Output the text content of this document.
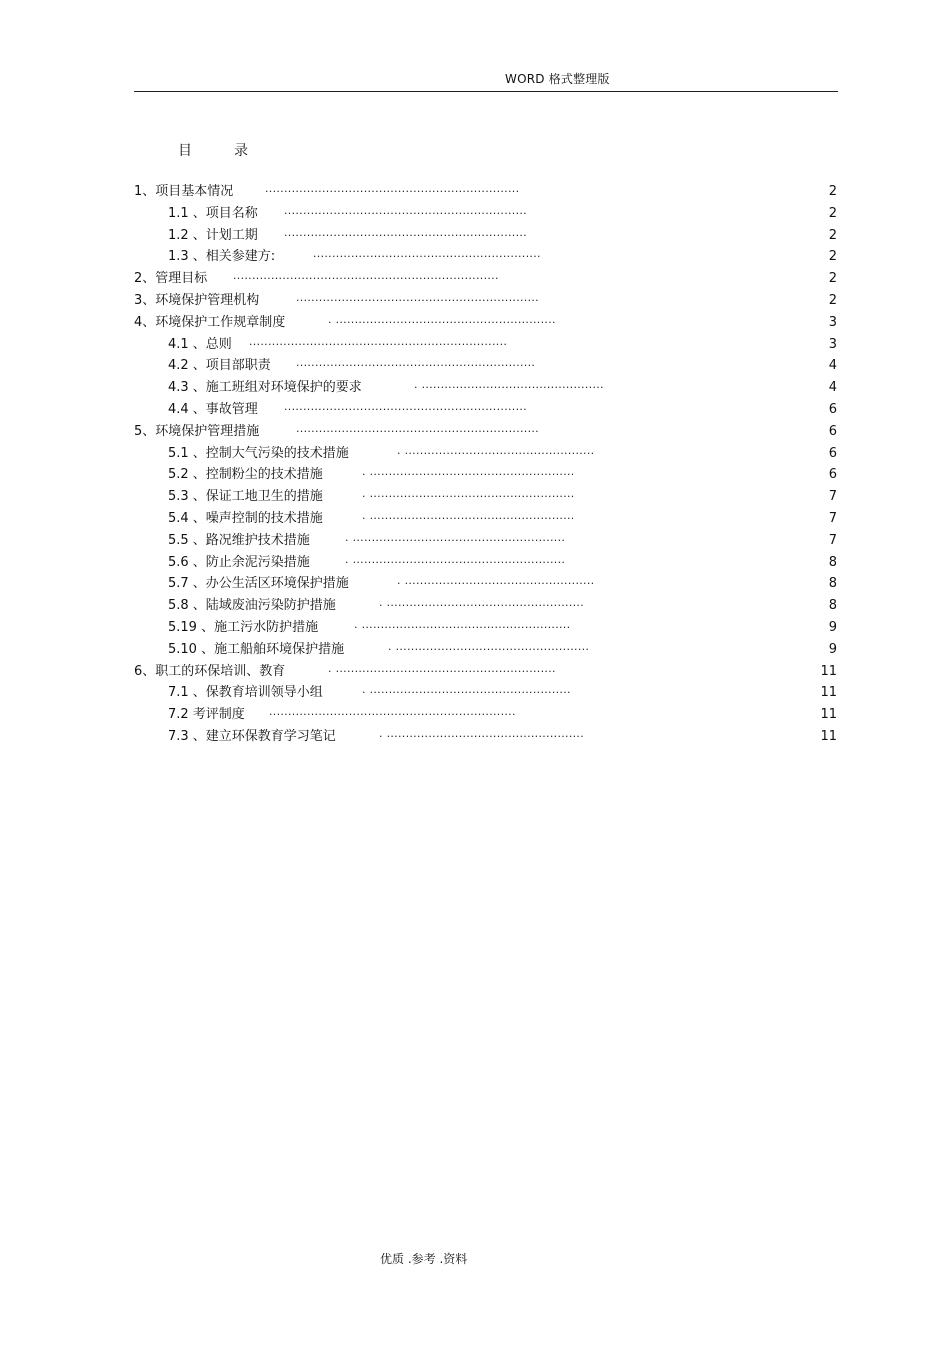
WORD 格式整理版
目	录
1、项目基本情况	...................................................................	2
1.1 、项目名称 ................................................................	2
1.2 、计划工期 ................................................................	2
1.3 、相关参建方:	............................................................	2
2、管理目标 ......................................................................	2
3、环境保护管理机构	................................................................	2
4、环境保护工作规章制度	. ..........................................................	3
4.1 、总则 ....................................................................	3
4.2 、项目部职责 ...............................................................	4
4.3 、施工班组对环境保护的要求	. ................................................	4
4.4 、事故管理 ................................................................	6
5、环境保护管理措施	................................................................	6
5.1 、控制大气污染的技术措施	. ..................................................	6
5.2 、控制粉尘的技术措施	. ......................................................	6
5.3 、保证工地卫生的措施	. ......................................................	7
5.4 、噪声控制的技术措施	. ......................................................	7
5.5 、路况维护技术措施	. ........................................................	7
5.6 、防止余泥污染措施	. ........................................................	8
5.7 、办公生活区环境保护措施	. ..................................................	8
5.8 、陆域废油污染防护措施	. ....................................................	8
5.19 、施工污水防护措施	. .......................................................	9
5.10 、施工船舶环境保护措施	. ...................................................	9
6、职工的环保培训、教育	. ..........................................................	11
7.1 、保教育培训领导小组	. .....................................................	11
7.2 考评制度 .................................................................	11
7.3 、建立环保教育学习笔记	. ....................................................	11
优质 .参考 .资料
